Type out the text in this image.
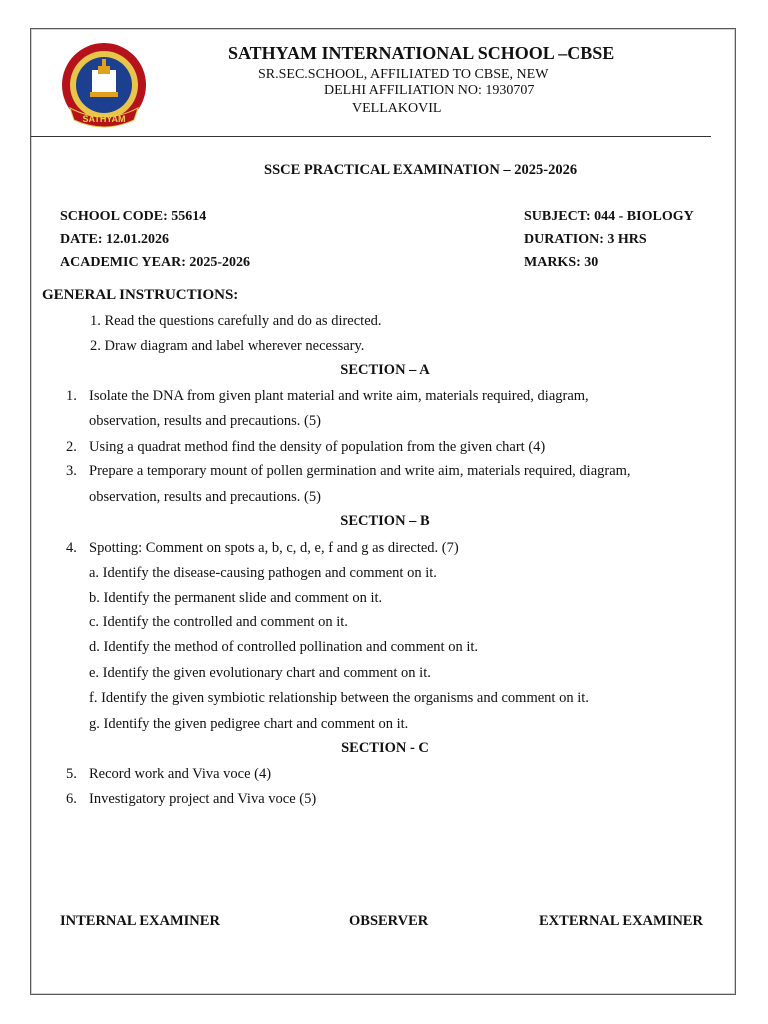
SATHYAM
SATHYAM INTERNATIONAL SCHOOL –CBSE
SR.SEC.SCHOOL, AFFILIATED TO CBSE, NEW
DELHI AFFILIATION NO: 1930707
VELLAKOVIL
SSCE PRACTICAL EXAMINATION – 2025-2026
SCHOOL CODE: 55614
DATE: 12.01.2026
ACADEMIC YEAR: 2025-2026
SUBJECT: 044 - BIOLOGY
DURATION: 3 HRS
MARKS: 30
GENERAL INSTRUCTIONS:
1. Read the questions carefully and do as directed.
2. Draw diagram and label wherever necessary.
SECTION – A
1. Isolate the DNA from given plant material and write aim, materials required, diagram,
observation, results and precautions. (5)
2. Using a quadrat method find the density of population from the given chart (4)
3. Prepare a temporary mount of pollen germination and write aim, materials required, diagram,
observation, results and precautions. (5)
SECTION – B
4. Spotting: Comment on spots a, b, c, d, e, f and g as directed. (7)
a. Identify the disease-causing pathogen and comment on it.
b. Identify the permanent slide and comment on it.
c. Identify the controlled and comment on it.
d. Identify the method of controlled pollination and comment on it.
e. Identify the given evolutionary chart and comment on it.
f. Identify the given symbiotic relationship between the organisms and comment on it.
g. Identify the given pedigree chart and comment on it.
SECTION - C
5. Record work and Viva voce (4)
6. Investigatory project and Viva voce (5)
INTERNAL EXAMINER	OBSERVER	EXTERNAL EXAMINER
